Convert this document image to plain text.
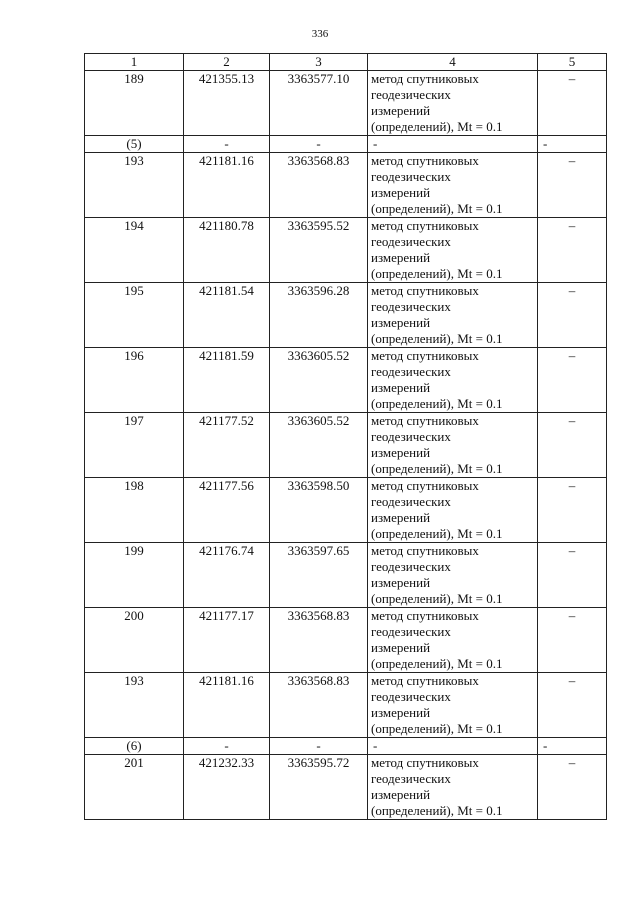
336
1	2	3	4	5
189	421355.13	3363577.10	метод спутниковых
геодезических
измерений
(определений), Mt = 0.1	–
(5)	-	-	-	-
193	421181.16	3363568.83	метод спутниковых
геодезических
измерений
(определений), Mt = 0.1	–
194	421180.78	3363595.52	метод спутниковых
геодезических
измерений
(определений), Mt = 0.1	–
195	421181.54	3363596.28	метод спутниковых
геодезических
измерений
(определений), Mt = 0.1	–
196	421181.59	3363605.52	метод спутниковых
геодезических
измерений
(определений), Mt = 0.1	–
197	421177.52	3363605.52	метод спутниковых
геодезических
измерений
(определений), Mt = 0.1	–
198	421177.56	3363598.50	метод спутниковых
геодезических
измерений
(определений), Mt = 0.1	–
199	421176.74	3363597.65	метод спутниковых
геодезических
измерений
(определений), Mt = 0.1	–
200	421177.17	3363568.83	метод спутниковых
геодезических
измерений
(определений), Mt = 0.1	–
193	421181.16	3363568.83	метод спутниковых
геодезических
измерений
(определений), Mt = 0.1	–
(6)	-	-	-	-
201	421232.33	3363595.72	метод спутниковых
геодезических
измерений
(определений), Mt = 0.1	–
